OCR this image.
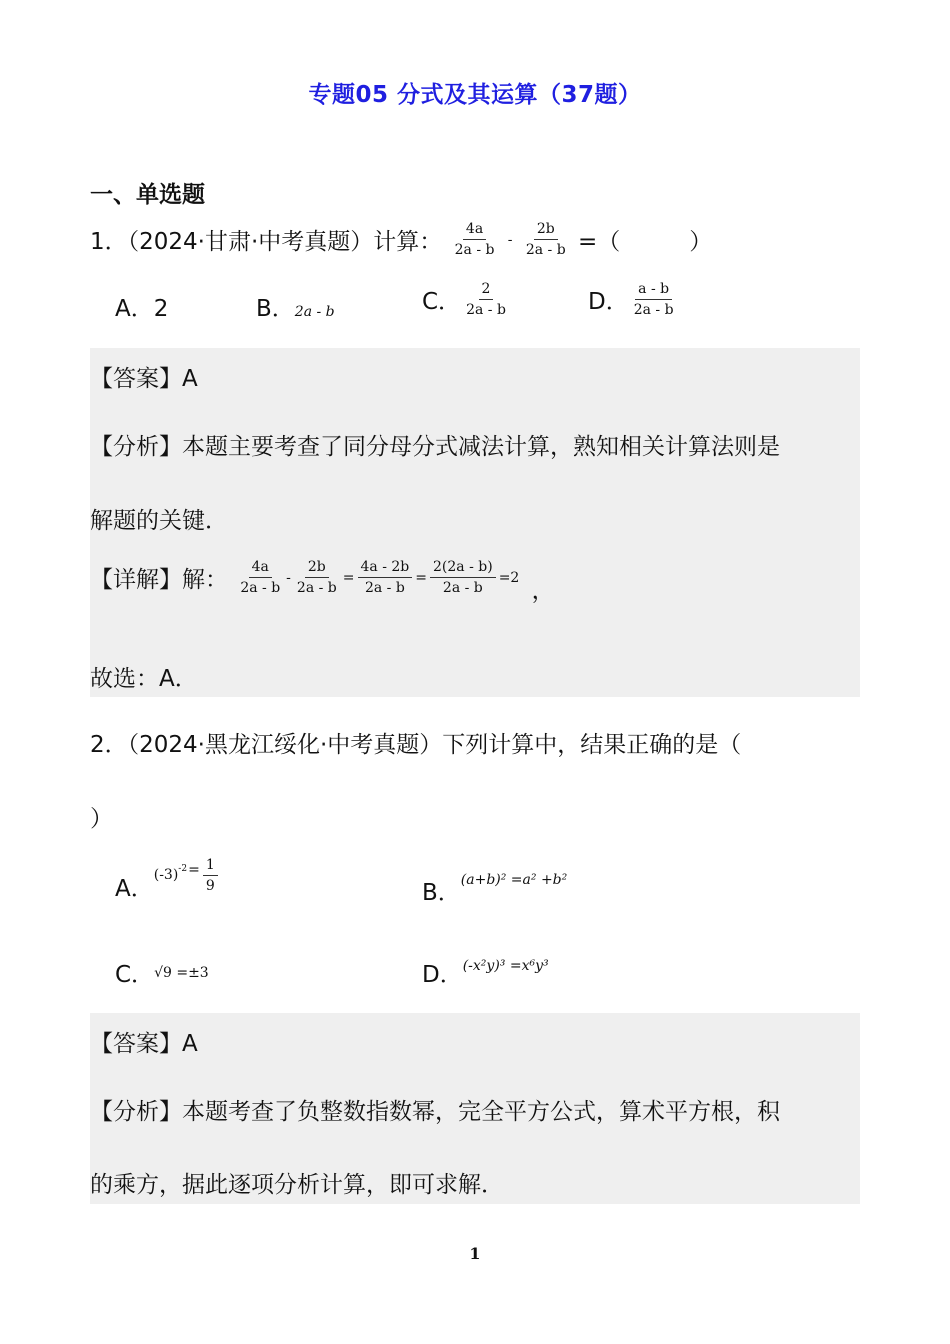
专题05 分式及其运算（37题）
一、单选题
1．（2024·甘肃·中考真题）计算： $\frac{4a}{2a - b} - \frac{2b}{2a - b}$ =（　　　）
A．2	B．2a - b	C． $\frac{2}{2a - b}$	D． $\frac{a - b}{2a - b}$
【答案】A
【分析】本题主要考查了同分母分式减法计算，熟知相关计算法则是
解题的关键．
【详解】解： $\frac{4a}{2a - b} - \frac{2b}{2a - b} = \frac{4a - 2b}{2a - b} = \frac{2(2a - b)}{2a - b} =2$ ，
故选：A．
2．（2024·黑龙江绥化·中考真题）下列计算中，结果正确的是（
）
A．$(-3)^{-2=} \frac{1}{9}$	B．(a+b)² =a² +b²
C．√9 =±3	D．(-x²y)³ =x⁶y³
【答案】A
【分析】本题考查了负整数指数幂，完全平方公式，算术平方根，积
的乘方，据此逐项分析计算，即可求解．
1
